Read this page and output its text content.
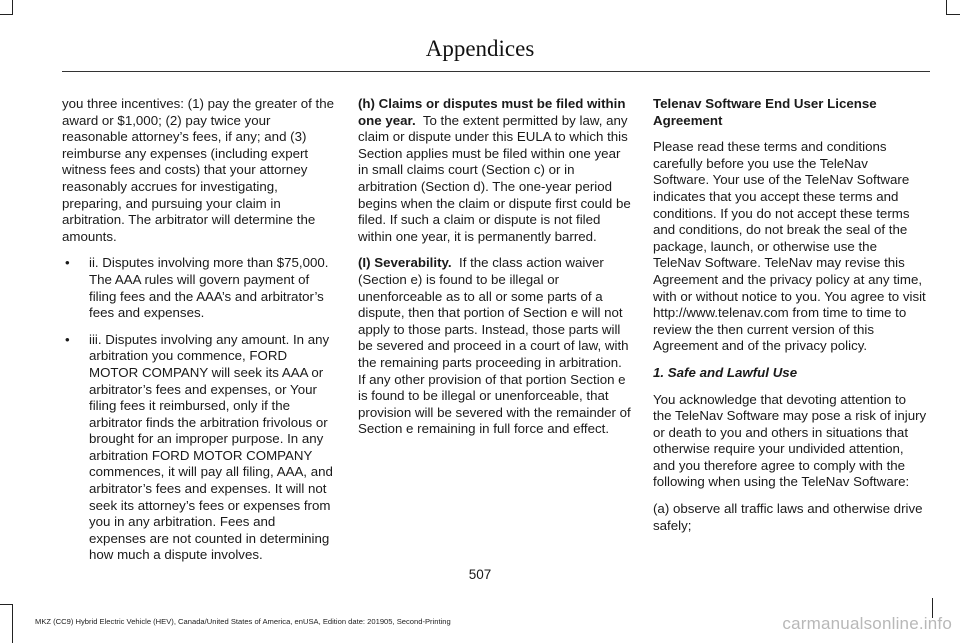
Appendices

you three incentives: (1) pay the greater of the award or $1,000; (2) pay twice your reasonable attorney’s fees, if any; and (3) reimburse any expenses (including expert witness fees and costs) that your attorney reasonably accrues for investigating, preparing, and pursuing your claim in arbitration. The arbitrator will determine the amounts.

• ii. Disputes involving more than $75,000. The AAA rules will govern payment of filing fees and the AAA’s and arbitrator’s fees and expenses.
• iii. Disputes involving any amount. In any arbitration you commence, FORD MOTOR COMPANY will seek its AAA or arbitrator’s fees and expenses, or Your filing fees it reimbursed, only if the arbitrator finds the arbitration frivolous or brought for an improper purpose. In any arbitration FORD MOTOR COMPANY commences, it will pay all filing, AAA, and arbitrator’s fees and expenses. It will not seek its attorney’s fees or expenses from you in any arbitration. Fees and expenses are not counted in determining how much a dispute involves.

(h) Claims or disputes must be filed within one year. To the extent permitted by law, any claim or dispute under this EULA to which this Section applies must be filed within one year in small claims court (Section c) or in arbitration (Section d). The one-year period begins when the claim or dispute first could be filed. If such a claim or dispute is not filed within one year, it is permanently barred.

(I) Severability. If the class action waiver (Section e) is found to be illegal or unenforceable as to all or some parts of a dispute, then that portion of Section e will not apply to those parts. Instead, those parts will be severed and proceed in a court of law, with the remaining parts proceeding in arbitration. If any other provision of that portion Section e is found to be illegal or unenforceable, that provision will be severed with the remainder of Section e remaining in full force and effect.

Telenav Software End User License Agreement

Please read these terms and conditions carefully before you use the TeleNav Software. Your use of the TeleNav Software indicates that you accept these terms and conditions. If you do not accept these terms and conditions, do not break the seal of the package, launch, or otherwise use the TeleNav Software. TeleNav may revise this Agreement and the privacy policy at any time, with or without notice to you. You agree to visit http://www.telenav.com from time to time to review the then current version of this Agreement and of the privacy policy.

1. Safe and Lawful Use

You acknowledge that devoting attention to the TeleNav Software may pose a risk of injury or death to you and others in situations that otherwise require your undivided attention, and you therefore agree to comply with the following when using the TeleNav Software:

(a) observe all traffic laws and otherwise drive safely;

507
MKZ (CC9) Hybrid Electric Vehicle (HEV), Canada/United States of America, enUSA, Edition date: 201905, Second-Printing	carmanualsonline.info
